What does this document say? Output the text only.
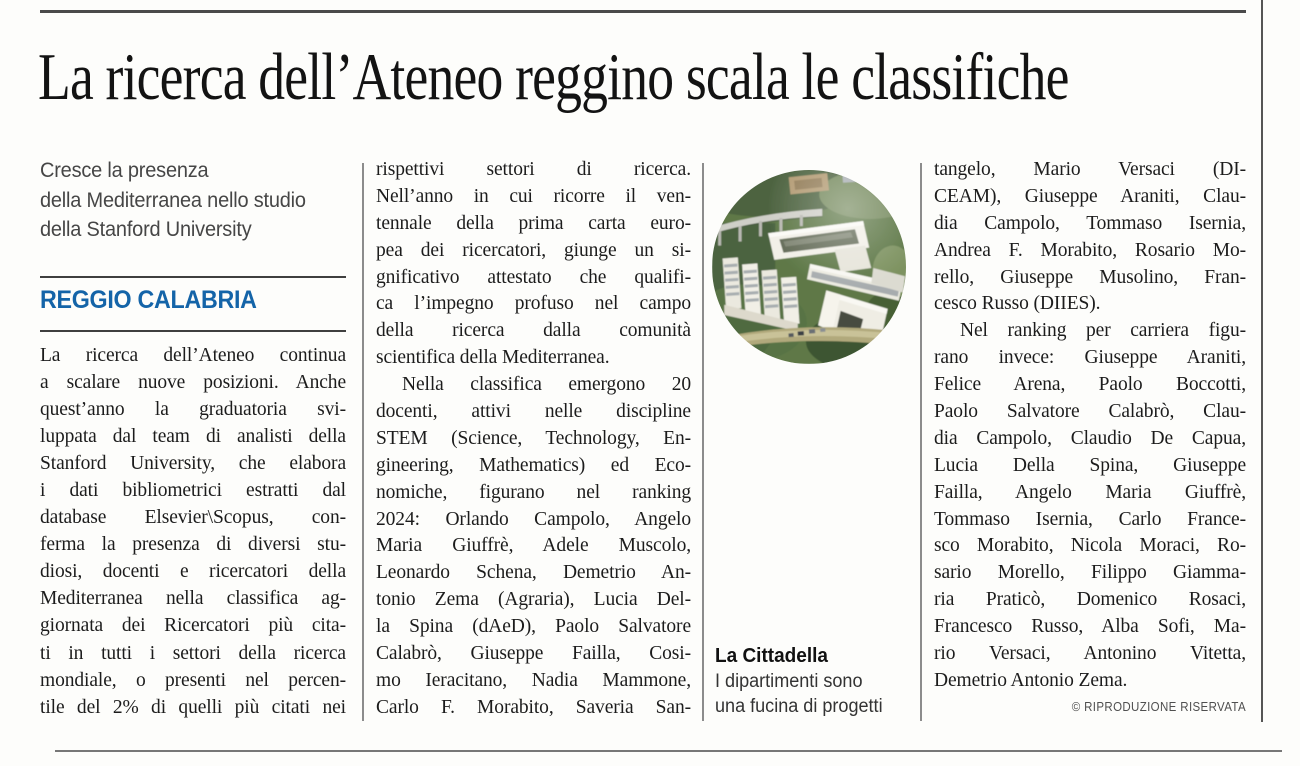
La ricerca dell’Ateneo reggino scala le classifiche
Cresce la presenza
della Mediterranea nello studio
della Stanford University
REGGIO CALABRIA
La ricerca dell’Ateneo continua
a scalare nuove posizioni. Anche
quest’anno la graduatoria svi-
luppata dal team di analisti della
Stanford University, che elabora
i dati bibliometrici estratti dal
database Elsevier\Scopus, con-
ferma la presenza di diversi stu-
diosi, docenti e ricercatori della
Mediterranea nella classifica ag-
giornata dei Ricercatori più cita-
ti in tutti i settori della ricerca
mondiale, o presenti nel percen-
tile del 2% di quelli più citati nei
rispettivi settori di ricerca.
Nell’anno in cui ricorre il ven-
tennale della prima carta euro-
pea dei ricercatori, giunge un si-
gnificativo attestato che qualifi-
ca l’impegno profuso nel campo
della ricerca dalla comunità
scientifica della Mediterranea.
Nella classifica emergono 20
docenti, attivi nelle discipline
STEM (Science, Technology, En-
gineering, Mathematics) ed Eco-
nomiche, figurano nel ranking
2024: Orlando Campolo, Angelo
Maria Giuffrè, Adele Muscolo,
Leonardo Schena, Demetrio An-
tonio Zema (Agraria), Lucia Del-
la Spina (dAeD), Paolo Salvatore
Calabrò, Giuseppe Failla, Cosi-
mo Ieracitano, Nadia Mammone,
Carlo F. Morabito, Saveria San-
tangelo, Mario Versaci (DI-
CEAM), Giuseppe Araniti, Clau-
dia Campolo, Tommaso Isernia,
Andrea F. Morabito, Rosario Mo-
rello, Giuseppe Musolino, Fran-
cesco Russo (DIIES).
Nel ranking per carriera figu-
rano invece: Giuseppe Araniti,
Felice Arena, Paolo Boccotti,
Paolo Salvatore Calabrò, Clau-
dia Campolo, Claudio De Capua,
Lucia Della Spina, Giuseppe
Failla, Angelo Maria Giuffrè,
Tommaso Isernia, Carlo France-
sco Morabito, Nicola Moraci, Ro-
sario Morello, Filippo Giamma-
ria Praticò, Domenico Rosaci,
Francesco Russo, Alba Sofi, Ma-
rio Versaci, Antonino Vitetta,
Demetrio Antonio Zema.
La Cittadella
I dipartimenti sono
una fucina di progetti	© RIPRODUZIONE RISERVATA
